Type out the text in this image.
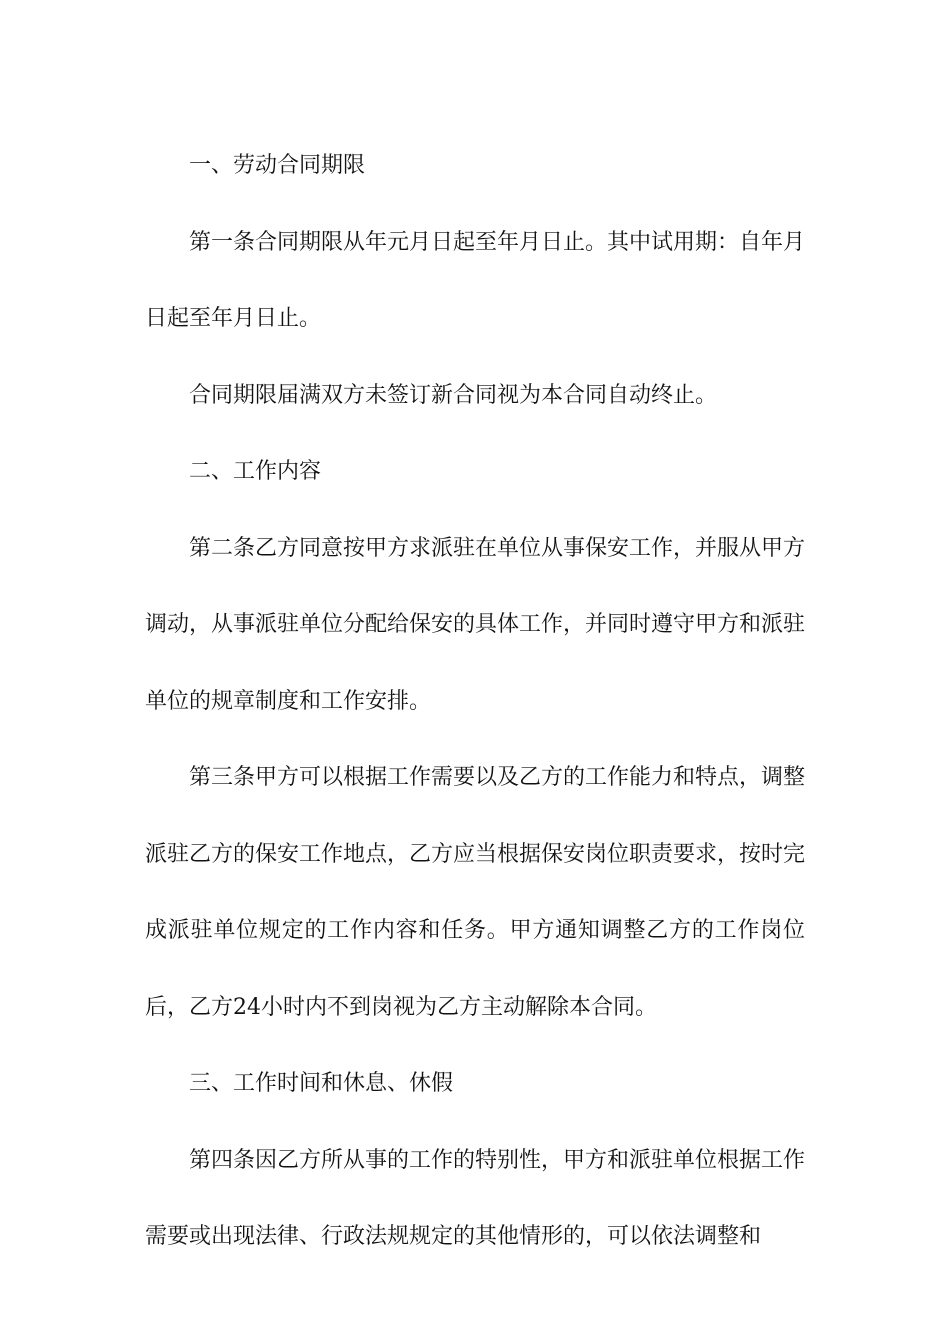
一、劳动合同期限

第一条合同期限从年元月日起至年月日止。其中试用期：自年月日起至年月日止。

合同期限届满双方未签订新合同视为本合同自动终止。

二、工作内容

第二条乙方同意按甲方求派驻在单位从事保安工作，并服从甲方调动，从事派驻单位分配给保安的具体工作，并同时遵守甲方和派驻单位的规章制度和工作安排。

第三条甲方可以根据工作需要以及乙方的工作能力和特点，调整派驻乙方的保安工作地点，乙方应当根据保安岗位职责要求，按时完成派驻单位规定的工作内容和任务。甲方通知调整乙方的工作岗位后，乙方24小时内不到岗视为乙方主动解除本合同。

三、工作时间和休息、休假

第四条因乙方所从事的工作的特别性，甲方和派驻单位根据工作需要或出现法律、行政法规规定的其他情形的，可以依法调整和
